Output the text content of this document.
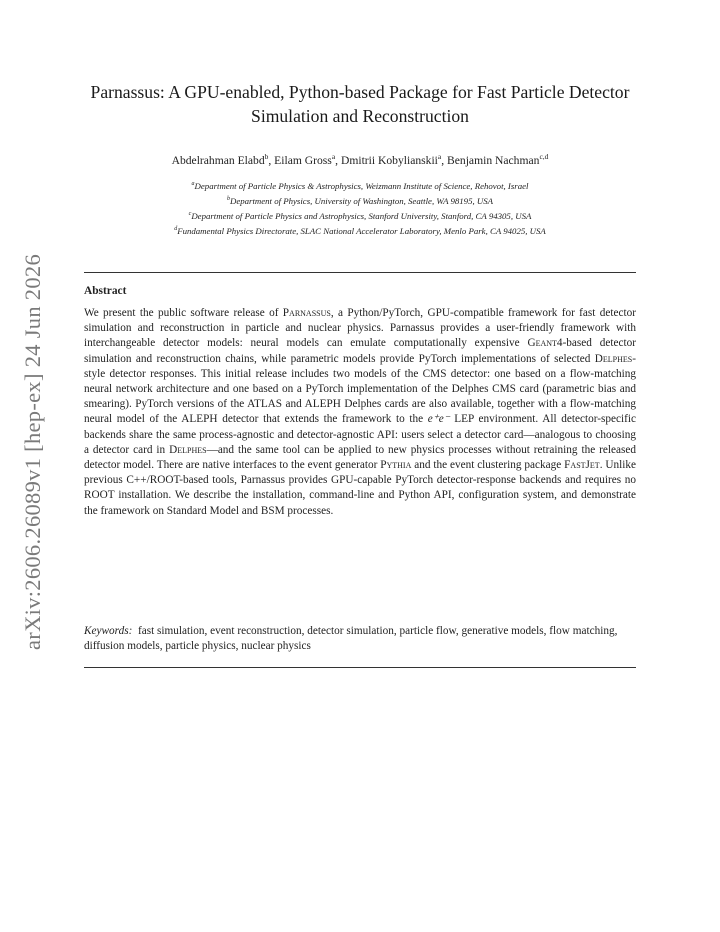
arXiv:2606.26089v1 [hep-ex] 24 Jun 2026
Parnassus: A GPU-enabled, Python-based Package for Fast Particle Detector Simulation and Reconstruction
Abdelrahman Elabd$^b$, Eilam Gross$^a$, Dmitrii Kobylianskii$^a$, Benjamin Nachman$^{c,d}$
$^a$Department of Particle Physics & Astrophysics, Weizmann Institute of Science, Rehovot, Israel
$^b$Department of Physics, University of Washington, Seattle, WA 98195, USA
$^c$Department of Particle Physics and Astrophysics, Stanford University, Stanford, CA 94305, USA
$^d$Fundamental Physics Directorate, SLAC National Accelerator Laboratory, Menlo Park, CA 94025, USA
Abstract

We present the public software release of Parnassus, a Python/PyTorch, GPU-compatible framework for fast detector simulation and reconstruction in particle and nuclear physics. Parnassus provides a user-friendly framework with interchangeable detector models: neural models can emulate computationally expensive Geant4-based detector simulation and reconstruction chains, while parametric models provide PyTorch implementations of selected Delphes-style detector responses. This initial release includes two models of the CMS detector: one based on a flow-matching neural network architecture and one based on a PyTorch implementation of the Delphes CMS card (parametric bias and smearing). PyTorch versions of the ATLAS and ALEPH Delphes cards are also available, together with a flow-matching neural model of the ALEPH detector that extends the framework to the e⁺e⁻ LEP environment. All detector-specific backends share the same process-agnostic and detector-agnostic API: users select a detector card—analogous to choosing a detector card in Delphes—and the same tool can be applied to new physics processes without retraining the released detector model. There are native interfaces to the event generator Pythia and the event clustering package FastJet. Unlike previous C++/ROOT-based tools, Parnassus provides GPU-capable PyTorch detector-response backends and requires no ROOT installation. We describe the installation, command-line and Python API, configuration system, and demonstrate the framework on Standard Model and BSM processes.

Keywords: fast simulation, event reconstruction, detector simulation, particle flow, generative models, flow matching, diffusion models, particle physics, nuclear physics
